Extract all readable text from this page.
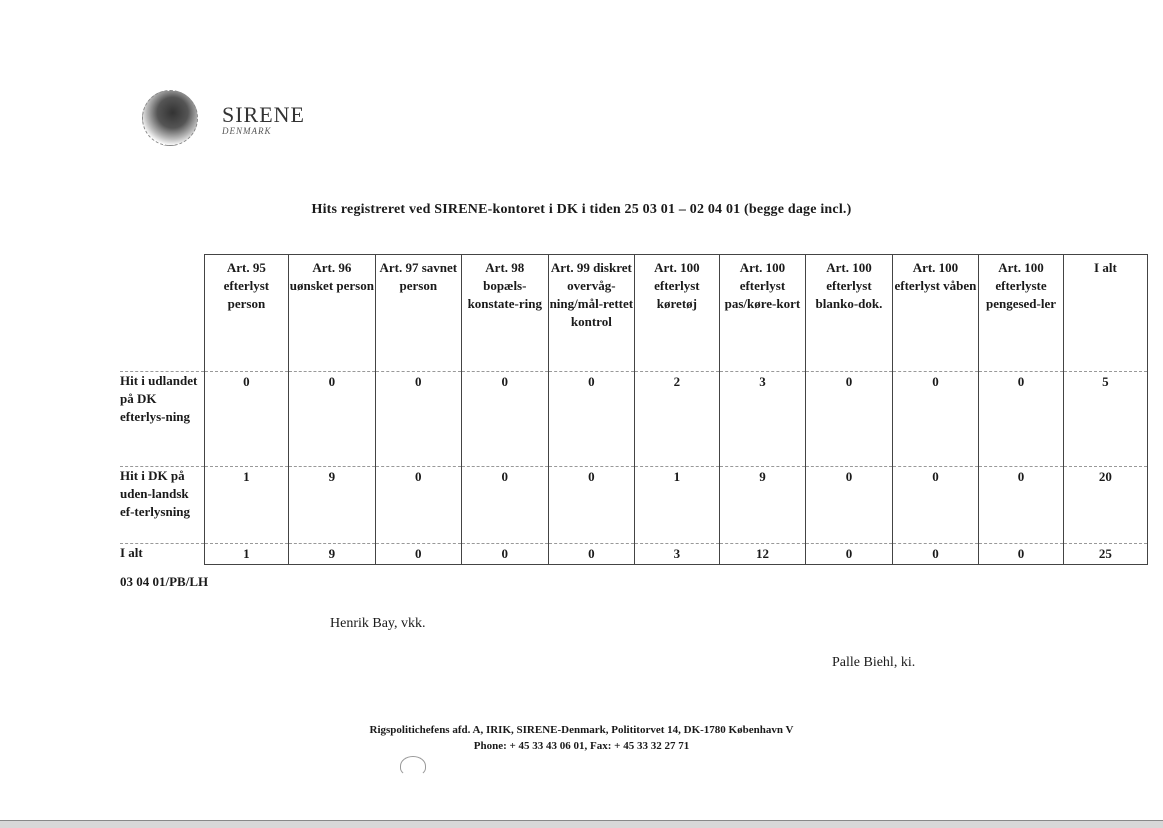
SIRENE
DENMARK
Hits registreret ved SIRENE-kontoret i DK i tiden 25 03 01 – 02 04 01 (begge dage incl.)
	Art. 95 efterlyst person	Art. 96 uønsket person	Art. 97 savnet person	Art. 98 bopæls-konstate-ring	Art. 99 diskret overvåg-ning/mål-rettet kontrol	Art. 100 efterlyst køretøj	Art. 100 efterlyst pas/køre-kort	Art. 100 efterlyst blanko-dok.	Art. 100 efterlyst våben	Art. 100 efterlyste pengesed-ler	I alt
Hit i udlandet på DK efterlys-ning	0	0	0	0	0	2	3	0	0	0	5
Hit i DK på uden-landsk ef-terlysning	1	9	0	0	0	1	9	0	0	0	20
I alt	1	9	0	0	0	3	12	0	0	0	25
03 04 01/PB/LH
Henrik Bay, vkk.
Palle Biehl, ki.
Rigspolitichefens afd. A, IRIK, SIRENE-Denmark, Polititorvet 14, DK-1780 København V
Phone: + 45 33 43 06 01, Fax: + 45 33 32 27 71
